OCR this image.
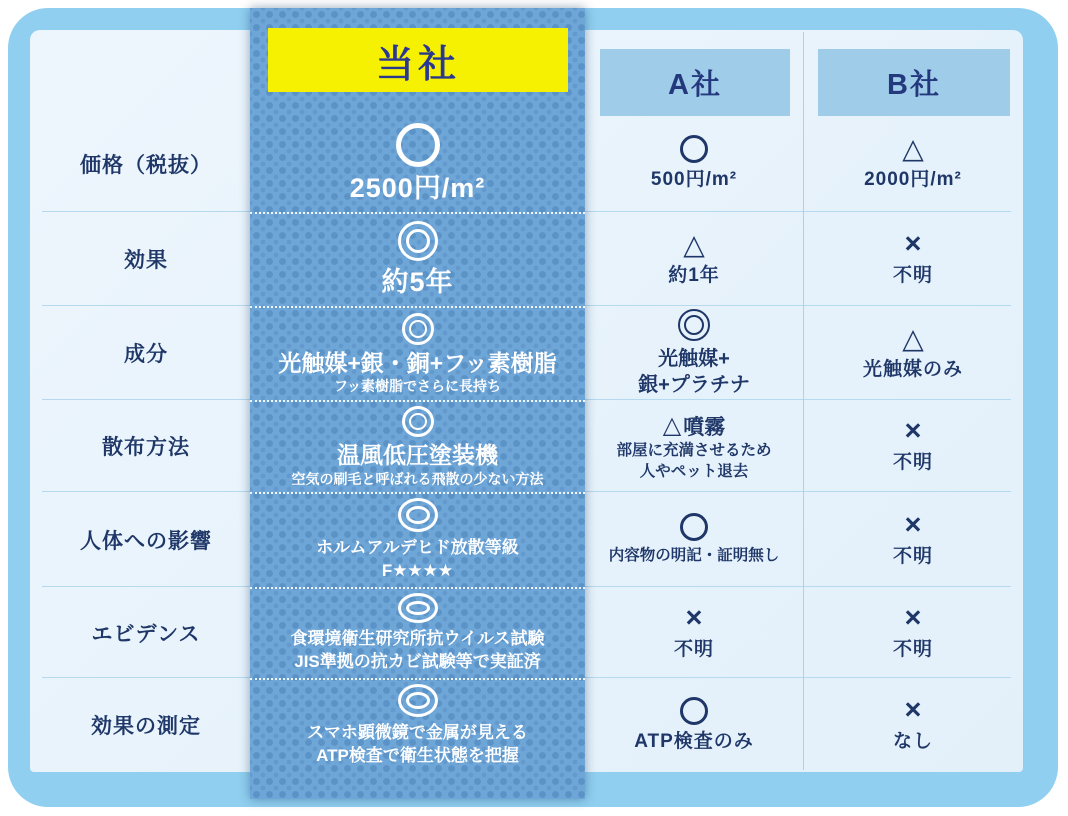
A社	B社
価格（税抜）
効果
成分
散布方法
人体への影響
エビデンス
効果の測定
500円/m²
△
約1年
光触媒+
銀+プラチナ
△
噴霧
部屋に充満させるため
人やペット退去
内容物の明記・証明無し
×
不明
ATP検査のみ
△
2000円/m²
×
不明
△
光触媒のみ
×
不明
×
不明
×
不明
×
なし
当社
2500円/m²
約5年
光触媒+銀・銅+フッ素樹脂
フッ素樹脂でさらに長持ち
温風低圧塗装機
空気の刷毛と呼ばれる飛散の少ない方法
ホルムアルデヒド放散等級
F★★★★
食環境衛生研究所抗ウイルス試験
JIS準拠の抗カビ試験等で実証済
スマホ顕微鏡で金属が見える
ATP検査で衛生状態を把握
